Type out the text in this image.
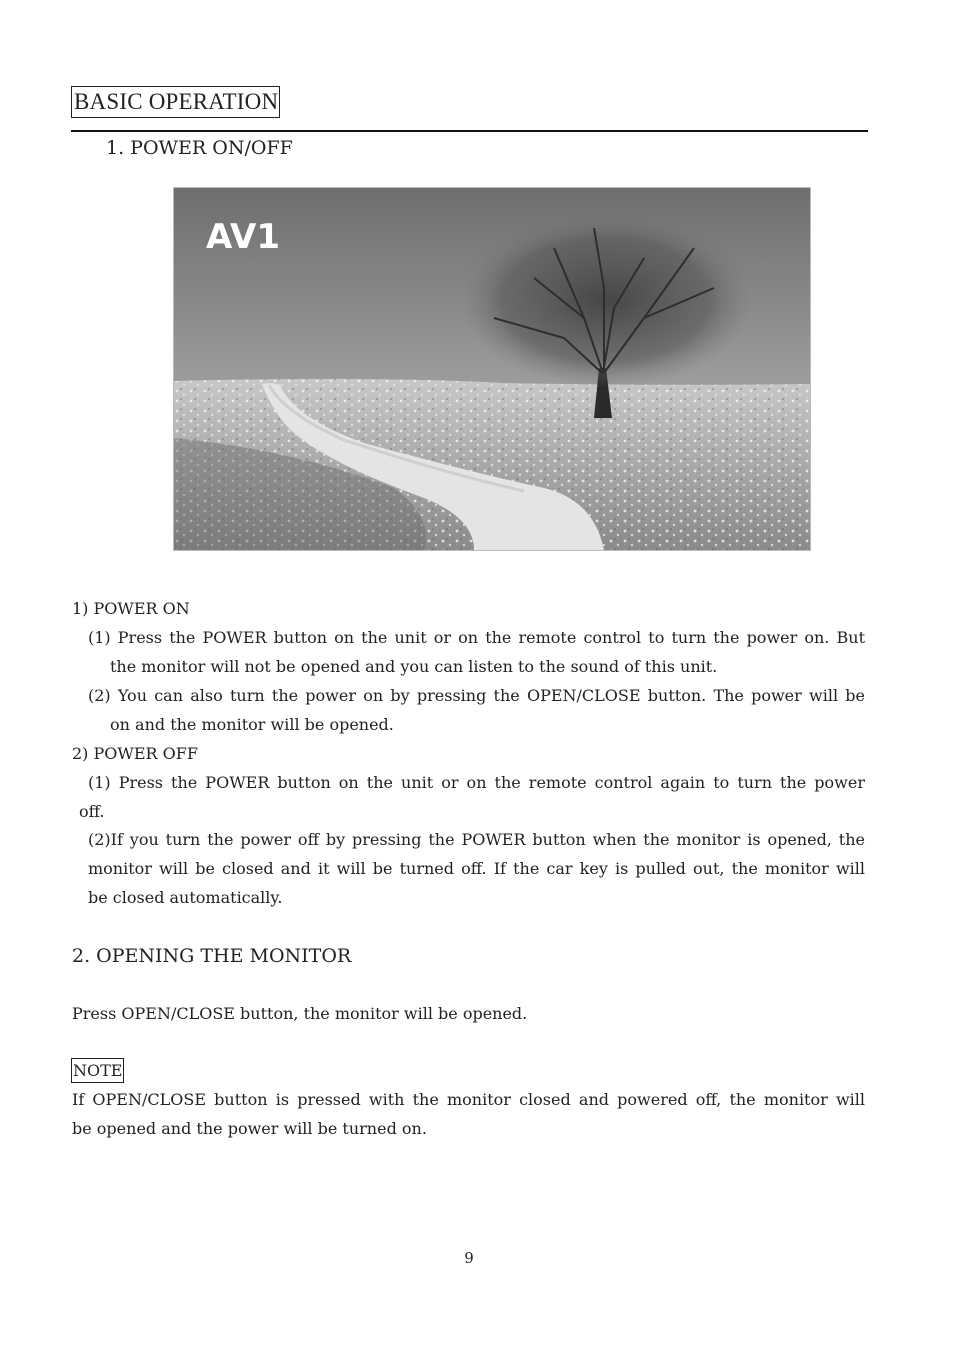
BASIC OPERATION
1. POWER ON/OFF
AV1
1) POWER ON
(1) Press the POWER button on the unit or on the remote control to turn the power on. But
the monitor will not be opened and you can listen to the sound of this unit.
(2) You can also turn the power on by pressing the OPEN/CLOSE button. The power will be
on and the monitor will be opened.
2) POWER OFF
(1) Press the POWER button on the unit or on the remote control again to turn the power
off.
(2)If you turn the power off by pressing the POWER button when the monitor is opened, the
monitor will be closed and it will be turned off. If the car key is pulled out, the monitor will
be closed automatically.
2. OPENING THE MONITOR
Press OPEN/CLOSE button, the monitor will be opened.
NOTE
If OPEN/CLOSE button is pressed with the monitor closed and powered off, the monitor will
be opened and the power will be turned on.
9
